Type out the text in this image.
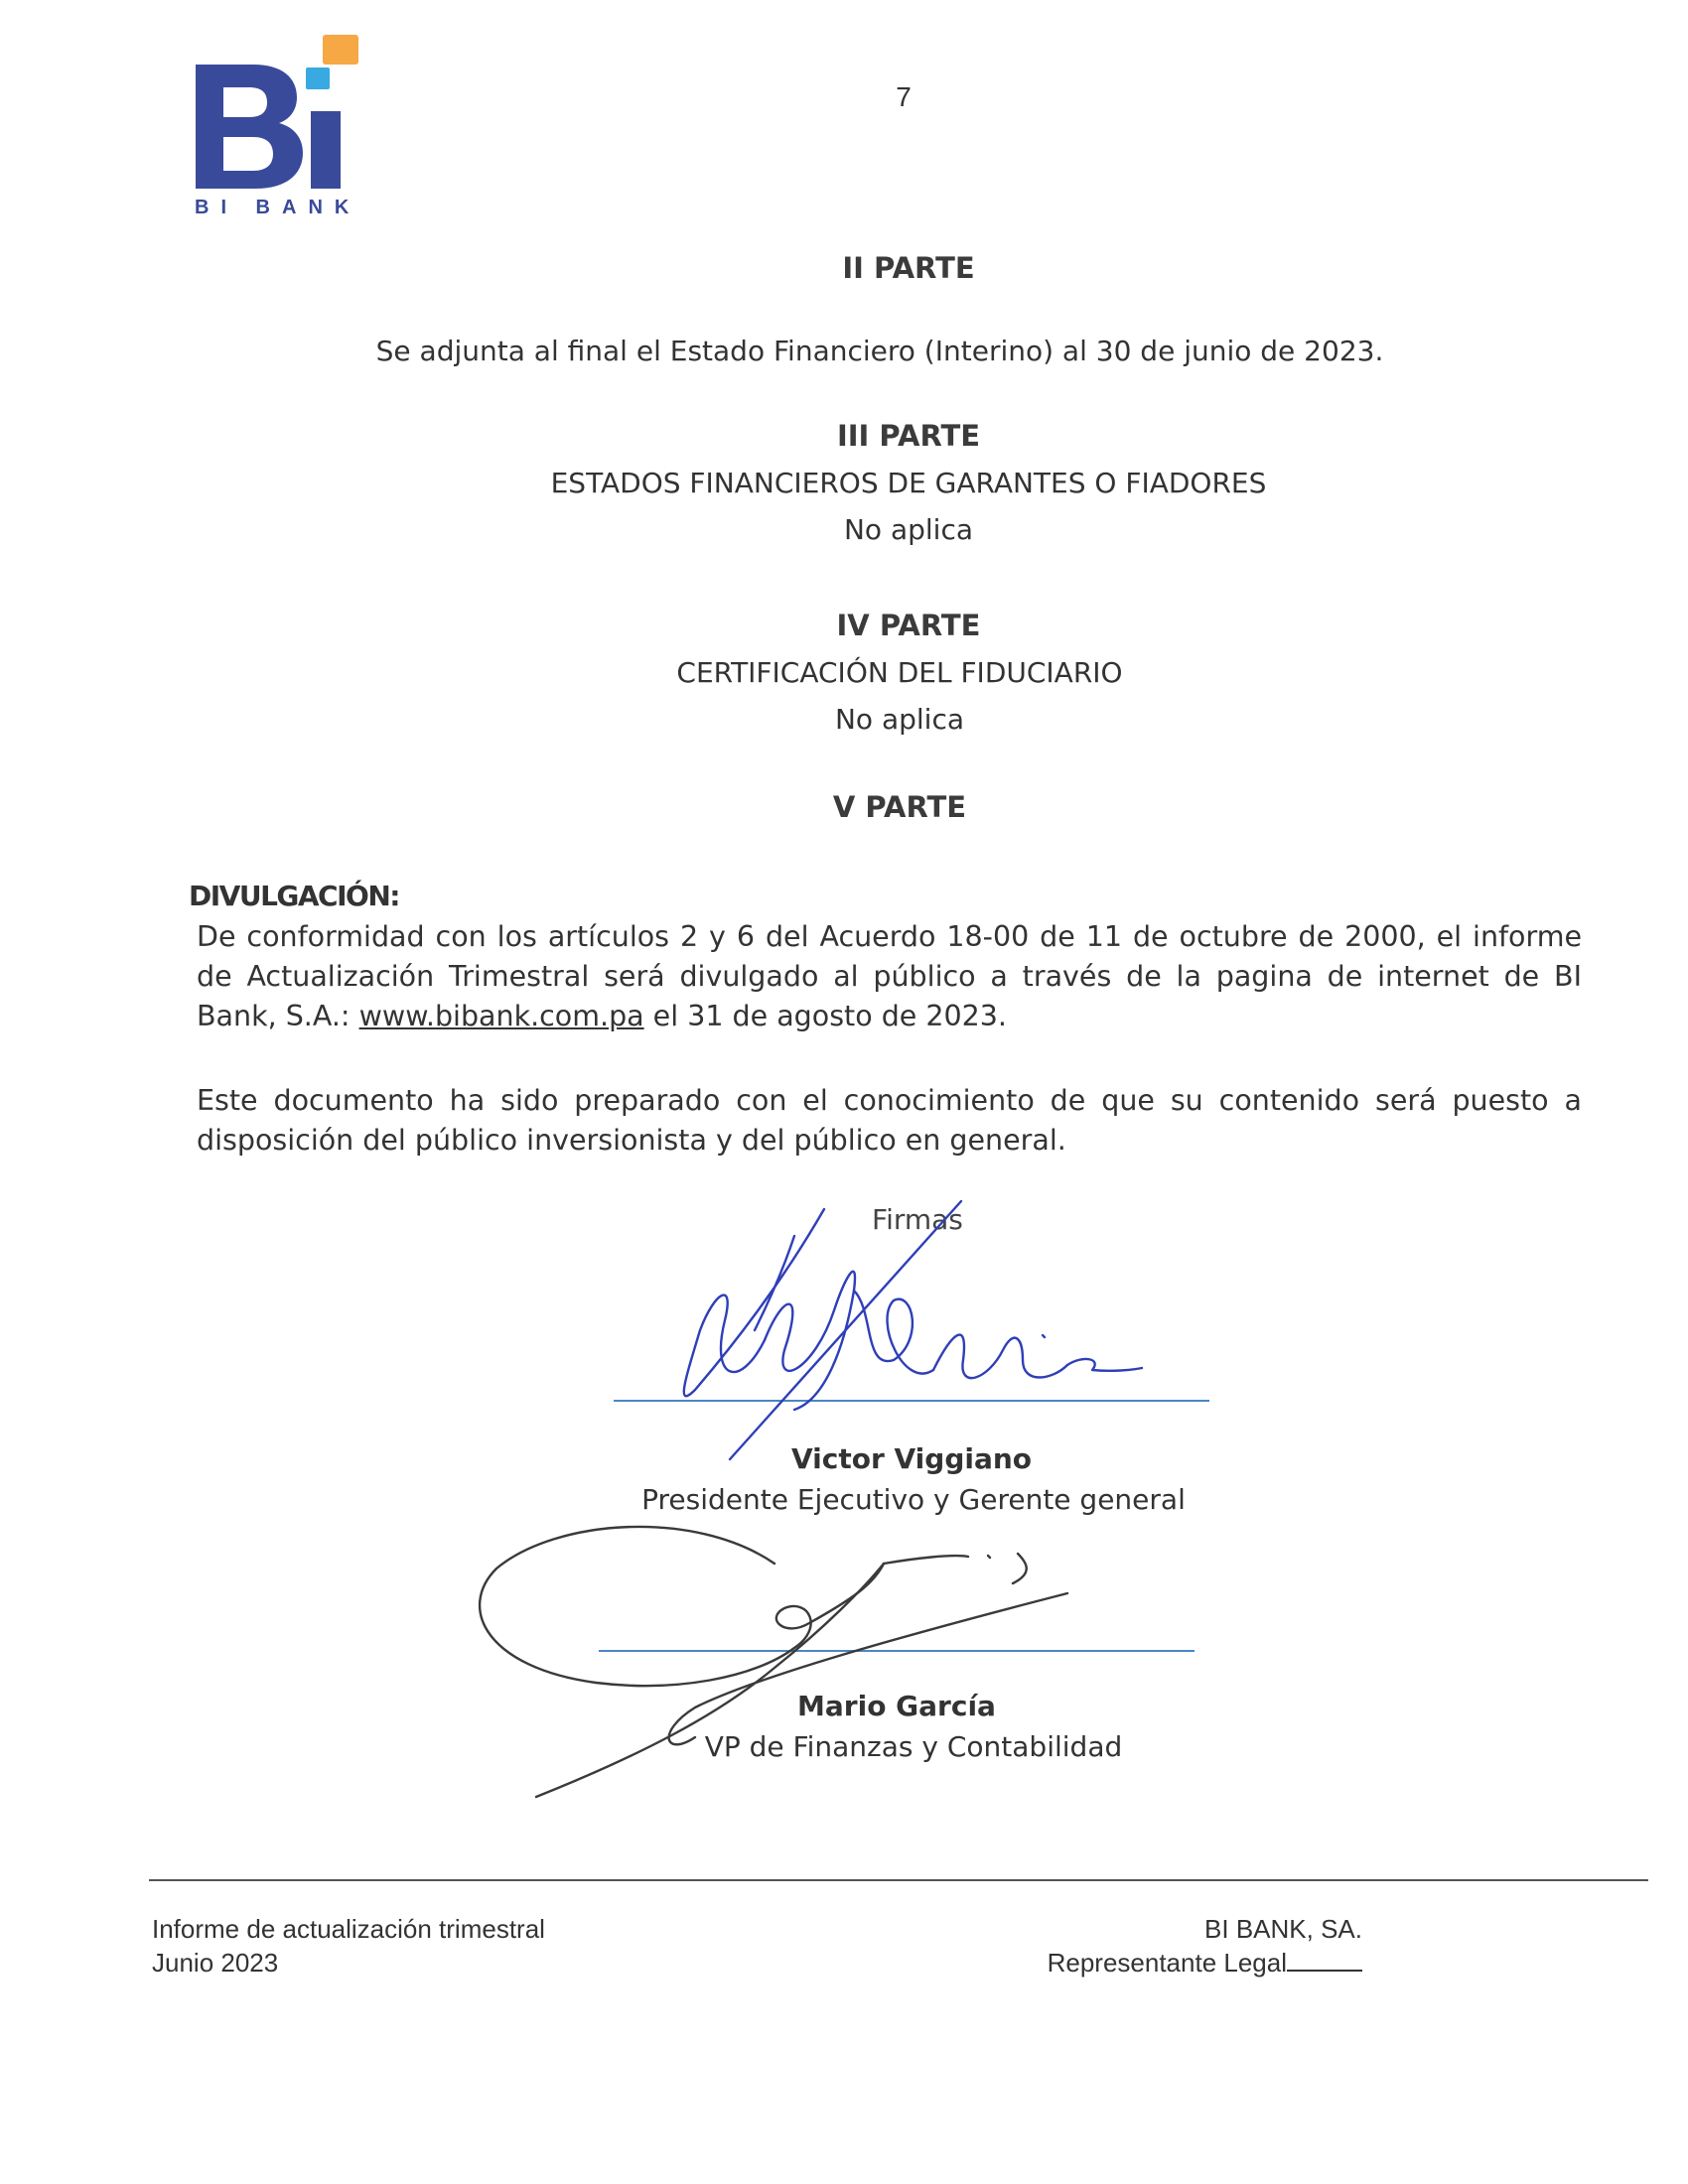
BI BANK
7
II PARTE
Se adjunta al final el Estado Financiero (Interino) al 30 de junio de 2023.
III PARTE
ESTADOS FINANCIEROS DE GARANTES O FIADORES
No aplica
IV PARTE
CERTIFICACIÓN DEL FIDUCIARIO
No aplica
V PARTE
DIVULGACIÓN:
De conformidad con los artículos 2 y 6 del Acuerdo 18-00 de 11 de octubre de 2000, el informe de Actualización Trimestral será divulgado al público a través de la pagina de internet de BI Bank, S.A.: www.bibank.com.pa el 31 de agosto de 2023.
Este documento ha sido preparado con el conocimiento de que su contenido será puesto a disposición del público inversionista y del público en general.
Firmas
Victor Viggiano
Presidente Ejecutivo y Gerente general
Mario García
VP de Finanzas y Contabilidad
Informe de actualización trimestral
Junio 2023
BI BANK, SA.
Representante Legal
